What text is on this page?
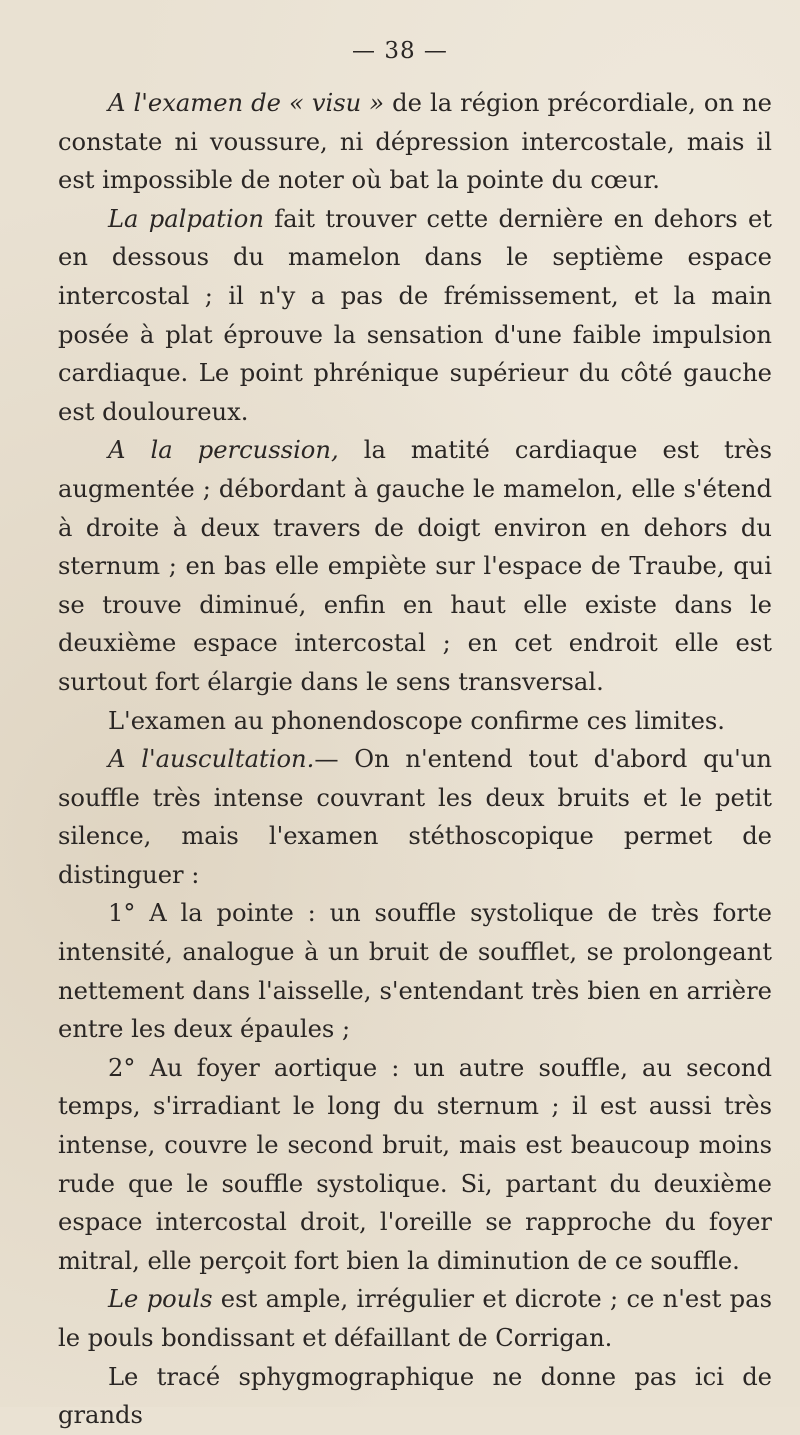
— 38 —

A l'examen de « visu » de la région précordiale, on ne constate ni voussure, ni dépression intercostale, mais il est impossible de noter où bat la pointe du cœur.

La palpation fait trouver cette dernière en dehors et en dessous du mamelon dans le septième espace intercostal ; il n'y a pas de frémissement, et la main posée à plat éprouve la sensation d'une faible impulsion cardiaque. Le point phrénique supérieur du côté gauche est douloureux.

A la percussion, la matité cardiaque est très augmentée ; débordant à gauche le mamelon, elle s'étend à droite à deux travers de doigt environ en dehors du sternum ; en bas elle empiète sur l'espace de Traube, qui se trouve diminué, enfin en haut elle existe dans le deuxième espace intercostal ; en cet endroit elle est surtout fort élargie dans le sens transversal.

L'examen au phonendoscope confirme ces limites.

A l'auscultation.— On n'entend tout d'abord qu'un souffle très intense couvrant les deux bruits et le petit silence, mais l'examen stéthoscopique permet de distinguer :

1° A la pointe : un souffle systolique de très forte intensité, analogue à un bruit de soufflet, se prolongeant nettement dans l'aisselle, s'entendant très bien en arrière entre les deux épaules ;

2° Au foyer aortique : un autre souffle, au second temps, s'irradiant le long du sternum ; il est aussi très intense, couvre le second bruit, mais est beaucoup moins rude que le souffle systolique. Si, partant du deuxième espace intercostal droit, l'oreille se rapproche du foyer mitral, elle perçoit fort bien la diminution de ce souffle.

Le pouls est ample, irrégulier et dicrote ; ce n'est pas le pouls bondissant et défaillant de Corrigan.

Le tracé sphygmographique ne donne pas ici de grands
